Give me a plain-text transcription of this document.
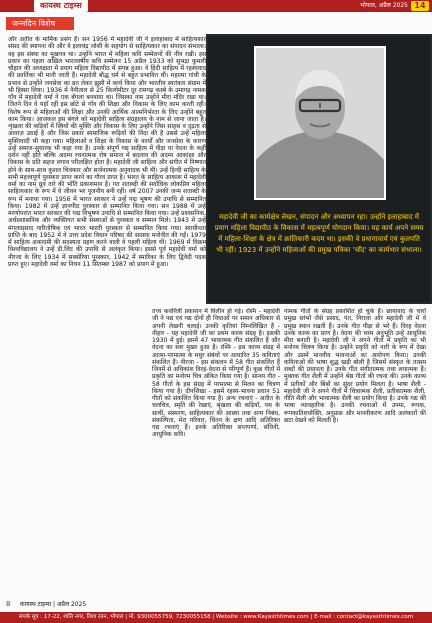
कायस्थ टाइम्स	भोपाल, अप्रैल 2025 14
जन्मदिन विशेष

और अतीत के मार्मिक प्रसंग हैं। सन 1956 में महादेवी जी ने इलाहाबाद में साहित्यकार संसद की स्थापना की और ये इलाचंद्र जोशी के सहयोग से साहित्यकार का संपादन संभाला। वह इस संस्था का मुखपत्र था। उन्होंने भारत में महिला कवि सम्मेलनों की नींव रखी। इस प्रकार का पहला अखिल भारतवर्षीय कवि सम्मेलन 15 अप्रैल 1933 को सुभद्रा कुमारी चौहान की अध्यक्षता में प्रयाग महिला विद्यापीठ में संपन्न हुआ। वे हिंदी साहित्य में रहस्यवाद की प्रवर्तिका भी मानी जाती हैं। महादेवी बौद्ध धर्म से बहुत प्रभावित थीं। महात्मा गांधी के प्रभाव से उन्होंने जनसेवा का व्रत लेकर झूसी में कार्य किया और भारतीय स्वतंत्रता संग्राम में भी हिस्सा लिया। 1936 में नैनीताल से 25 किलोमीटर दूर रामगढ़ कस्बे के उमागढ़ नामक गाँव में महादेवी वर्मा ने एक बँगला बनवाया था। जिसका नाम उन्होंने मीरा मंदिर रखा था। जितने दिन वे यहाँ रहीं इस छोटे से गाँव की शिक्षा और विकास के लिए काम करती रहीं। विशेष रूप से महिलाओं की शिक्षा और उनकी आर्थिक आत्मनिर्भरता के लिए उन्होंने बहुत काम किया। आजकल इस बंगले को महादेवी साहित्य संग्रहालय के नाम से जाना जाता है। शृंखला की कड़ियाँ में स्त्रियों की मुक्ति और विकास के लिए उन्होंने जिस साहस व दृढ़ता से आवाज़ उठाई है और जिस प्रकार सामाजिक रूढ़ियों की निंदा की है उससे उन्हें महिला मुक्तिवादी भी कहा गया। महिलाओं व शिक्षा के विकास के कार्यों और जनसेवा के कारण उन्हें समाज-सुधारक भी कहा गया है। उनके संपूर्ण गद्य साहित्य में पीड़ा या वेदना के कहीं दर्शन नहीं होते बल्कि अदम्य रचनात्मक रोष समाज में बदलाव की अदम्य आकांक्षा और विकास के प्रति सहज लगाव परिलक्षित होता है। महादेवी जी साहित्य और संगीत में निष्णात होने के साथ-साथ कुशल चित्रकार और सर्जनात्मक अनुवादक भी थीं। उन्हें हिन्दी साहित्य के सभी महत्त्वपूर्ण पुरस्कार प्राप्त करने का गौरव प्राप्त है। भारत के साहित्य आकाश में महादेवी वर्मा का नाम ध्रुव तारे की भाँति प्रकाशमान है। गत शताब्दी की सर्वाधिक लोकप्रिय महिला साहित्यकार के रूप में वे जीवन भर पूजनीय बनी रहीं। वर्ष 2007 उनकी जन्म शताब्दी के रूप में मनाया गया। 1956 में भारत सरकार ने उन्हें पद्म भूषण की उपाधि से सम्मानित किया। 1982 में उन्हें ज्ञानपीठ पुरस्कार से सम्मानित किया गया। सन 1988 में उन्हें मरणोपरांत भारत सरकार की पद्म विभूषण उपाधि से सम्मानित किया गया। उन्हें प्रशासनिक, अर्धप्रशासनिक और व्यक्तिगत सभी संस्थाओं से पुरस्कार व सम्मान मिले। 1943 में उन्हें मंगलाप्रसाद पारितोषिक एवं भारत भारती पुरस्कार से सम्मानित किया गया। स्वाधीनता प्राप्ति के बाद 1952 में वे उत्तर प्रदेश विधान परिषद की सदस्या मनोनीत की गईं। 1979 में साहित्य अकादमी की सदस्यता ग्रहण करने वाली वे पहली महिला थीं। 1969 में विक्रम विश्वविद्यालय ने उन्हें डी.लिट की उपाधि से अलंकृत किया। इससे पूर्व महादेवी वर्मा को नीरजा के लिए 1934 में सक्सेरिया पुरस्कार, 1942 में स्मारिका के लिए द्विवेदी पदक प्राप्त हुए। महादेवी वर्मा का निधन 11 सितम्बर 1987 को प्रयाग में हुआ।

महादेवी जी का कार्यक्षेत्र लेखन, संपादन और अध्यापन रहा। उन्होंने इलाहाबाद में प्रयाग महिला विद्यापीठ के विकास में महत्वपूर्ण योगदान किया। यह कार्य अपने समय में महिला-शिक्षा के क्षेत्र में क्रांतिकारी कदम था। इसकी वे प्रधानाचार्य एवं कुलपति भी रहीं। 1923 में उन्होंने महिलाओं की प्रमुख पत्रिका 'चाँद' का कार्यभार संभाला।

तत्त्व कवयित्री प्रकाशन में विलीन हो गई। रश्मि - महादेवी जी ने पद्य एवं गद्य दोनों ही विधाओं पर समान अधिकार से अपनी लेखनी चलाई। उनकी कृतियां निम्नलिखित हैं - नीहार - यह महादेवी जी का प्रथम काव्य संग्रह है। इसकी 1930 में हुई। इसमें 47 भावात्मक गीत संकलित हैं और वेदना का स्वर मुखर हुआ है। रश्मि - इस काव्य संग्रह में आत्मा-परमात्मा के मधुर संबंधों पर आधारित 35 कविताएं संकलित हैं। नीरजा - इस संकलन में 58 गीत संकलित हैं जिनमें से अधिकांश विरह-वेदना से परिपूर्ण हैं। कुछ गीतों में प्रकृति का मनोरम चित्र अंकित किया गया है। सान्ध्य गीत - 58 गीतों के इस संग्रह में परमात्मा से मिलन का चित्रण किया गया है। दीपशिखा - इसमें रहस्य-भावना प्रधान 51 गीतों को संकलित किया गया है। अन्य रचनाएं - अतीत के चलचित्र, स्मृति की रेखाएं, श्रृंखला की कड़ियाँ, पथ के साथी, संस्मरण, साहित्यकार की आस्था तथा अन्य निबंध, संकल्पिता, मेरा परिवार, चिंतन के क्षण आदि अतिरिक्त गद्य रचनाएं हैं। इनके अतिरिक्त सप्तपर्णा, संधिनी, आधुनिक कवि।

नामक गीतों के संग्रह प्रकाशित हो चुके हैं। छायावाद के चारों प्रमुख स्तंभों जैसे प्रसाद, पंत, निराला और महादेवी जी में वे प्रमुख स्थान रखती हैं। उनके गीत पीड़ा से भरे हैं। विरह वेदना उनके काव्य का प्राण है। वेदना की चरम अनुभूति उन्हें आधुनिक मीरा बनाती है। महादेवी जी ने अपने गीतों में प्रकृति का भी मनोरम चित्रण किया है। उन्होंने प्रकृति को नारी के रूप में देखा और उसमें मानवीय भावनाओं का आरोपण किया। उनकी कविताओं की भाषा शुद्ध खड़ी बोली है जिसमें संस्कृत के तत्सम शब्दों की प्रधानता है। उनके गीत संगीतात्मक तथा लयात्मक हैं। मुक्तक गीत शैली में उन्होंने श्रेष्ठ गीतों की रचना की। उनके काव्य में प्रतीकों और बिंबों का सुंदर प्रयोग मिलता है। भाषा शैली - महादेवी जी ने अपने गीतों में चित्रात्मक शैली, प्रतीकात्मक शैली, गीति शैली और भावात्मक शैली का प्रयोग किया है। उनके गद्य की भाषा व्यावहारिक है। उनकी रचनाओं में उपमा, रूपक, रूपकातिशयोक्ति, अनुप्रास और मानवीकरण आदि अलंकारों की छटा देखने को मिलती है।

8 कायस्थ टाइम्स | अप्रैल 2025
संपर्क सूत्र : 17-22, शांति नगर, विशा रतन, भोपाल | मो. 9300055759, 7230055158 | Website : www.Kayasthtimes.com | E-mail : contact@kayasthtimes.com
